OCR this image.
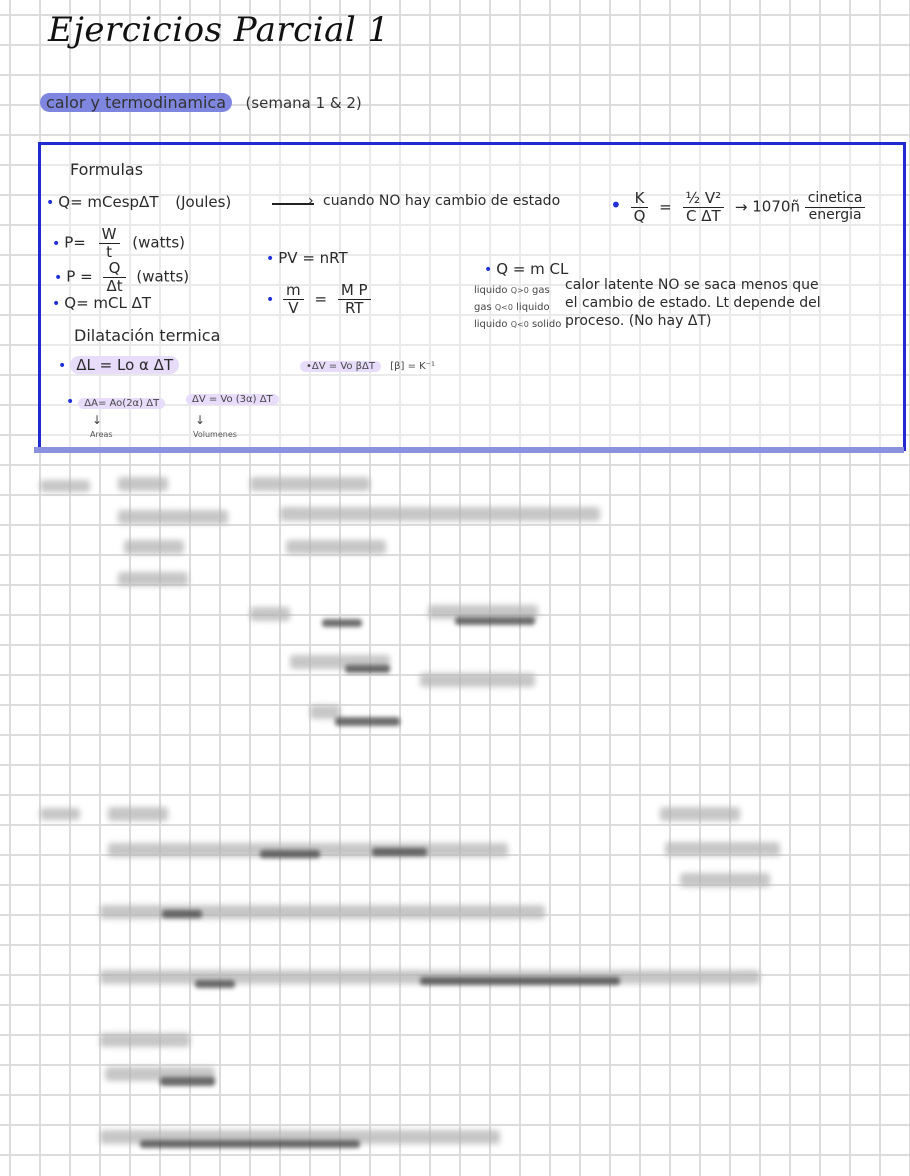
Ejercicios Parcial 1
calor y termodinamica (semana 1 & 2)
Formulas
• Q= mCespΔT (Joules)	› cuando NO hay cambio de estado • $\frac{K}{Q} = \frac{\text{½ V²}}{\text{C ΔT}}$ → 1070ñ $\frac{\text{cinetica}}{\text{energia}}$
• $P= \frac{W}{t}$ (watts)
• $P = \frac{Q}{\Delta t}$ (watts)
• Q= mCL ΔT
• PV = nRT
• $\frac{m}{V} = \frac{\text{M P}}{RT}$
• Q = m CL
liquido Q>0 gas
gas Q<0 liquido
liquido Q<0 solido
calor latente NO se saca menos que
el cambio de estado. Lt depende del
proceso. (No hay ΔT)
Dilatación termica
• ΔL = Lo α ΔT	•ΔV = Vo βΔT [β] = K⁻¹
• ΔA= Ao(2α) ΔT	ΔV = Vo (3α) ΔT
↓
Areas
↓
Volumenes
